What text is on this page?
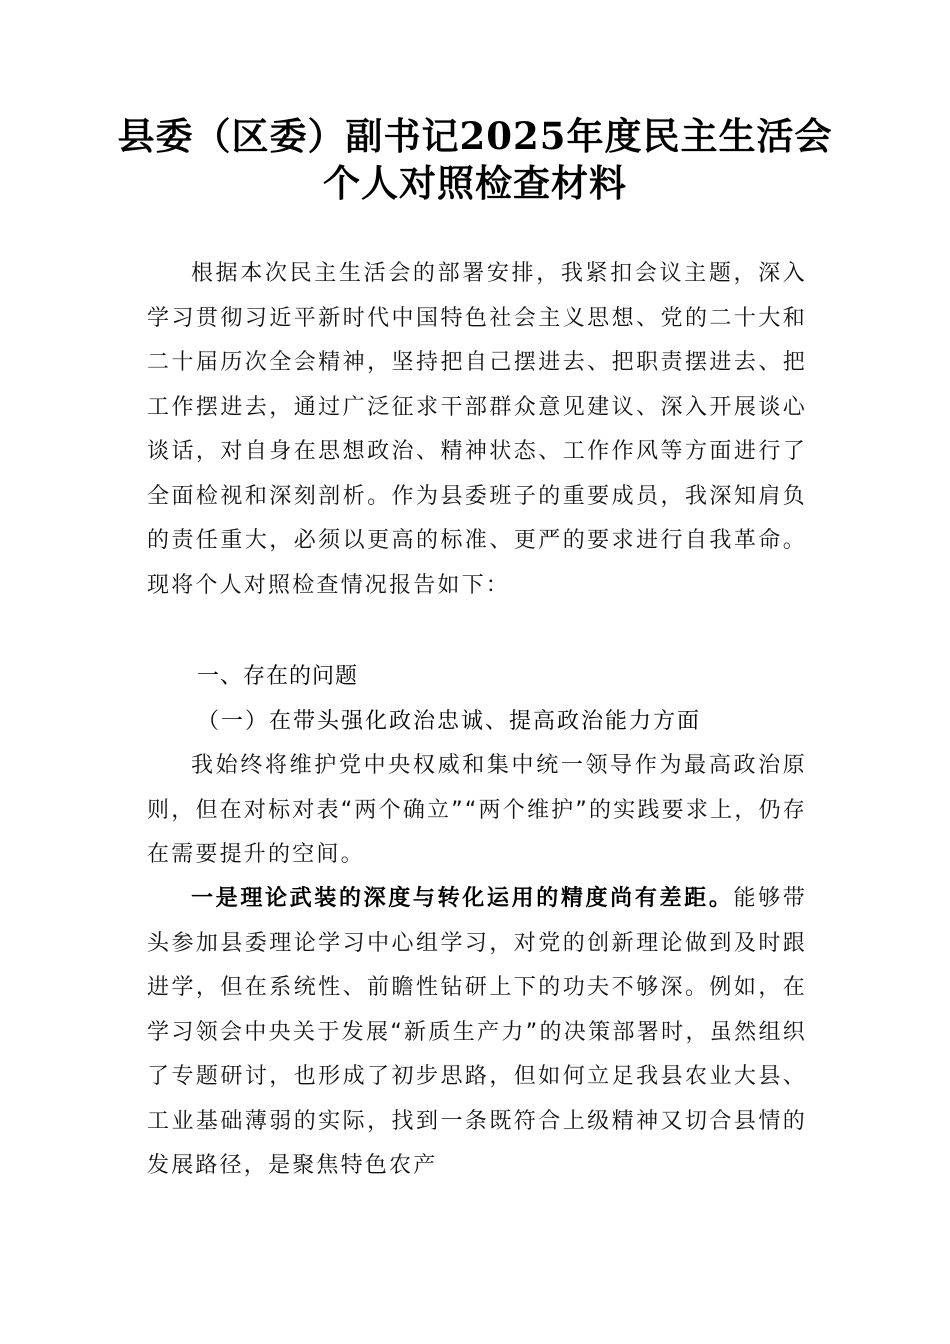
县委（区委）副书记2025年度民主生活会
个人对照检查材料
根据本次民主生活会的部署安排，我紧扣会议主题，深入学习贯彻习近平新时代中国特色社会主义思想、党的二十大和二十届历次全会精神，坚持把自己摆进去、把职责摆进去、把工作摆进去，通过广泛征求干部群众意见建议、深入开展谈心谈话，对自身在思想政治、精神状态、工作作风等方面进行了全面检视和深刻剖析。作为县委班子的重要成员，我深知肩负的责任重大，必须以更高的标准、更严的要求进行自我革命。现将个人对照检查情况报告如下：
一、存在的问题
（一）在带头强化政治忠诚、提高政治能力方面
我始终将维护党中央权威和集中统一领导作为最高政治原则，但在对标对表“两个确立”“两个维护”的实践要求上，仍存在需要提升的空间。
一是理论武装的深度与转化运用的精度尚有差距。能够带头参加县委理论学习中心组学习，对党的创新理论做到及时跟进学，但在系统性、前瞻性钻研上下的功夫不够深。例如，在学习领会中央关于发展“新质生产力”的决策部署时，虽然组织了专题研讨，也形成了初步思路，但如何立足我县农业大县、工业基础薄弱的实际，找到一条既符合上级精神又切合县情的发展路径，是聚焦特色农产
